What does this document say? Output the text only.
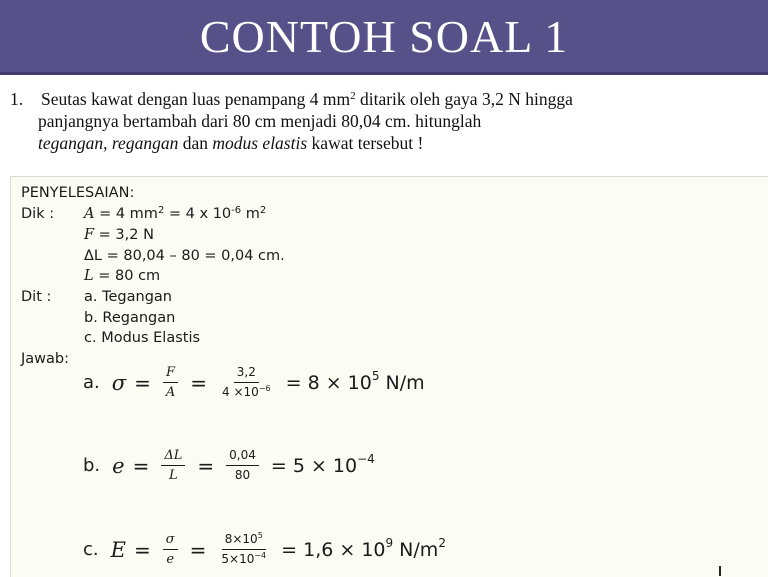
CONTOH SOAL 1
1.	Seutas kawat dengan luas penampang 4 $mm^2$ ditarik oleh gaya 3,2 N hingga
panjangnya bertambah dari 80 cm menjadi 80,04 cm. hitunglah
tegangan, regangan dan modus elastis kawat tersebut !
PENYELESAIAN:
Dik : A = 4 $mm^2 = 4$ x $10^{-6}$ $m^2$
F = 3,2 N
ΔL = 80,04 – 80 = 0,04 cm.
L = 80 cm
Dit : a. Tegangan
b. Regangan
c. Modus Elastis
Jawab:
a. $\sigma = \frac{F}{A} = \frac{3,2}{4 \times 10^{-6}} = 8 \times 10^5$ N/m
b. $e = \frac{\Delta L}{L} = \frac{0,04}{80} = 5 \times 10^{-4}$
c. $E = \frac{\sigma}{e} = \frac{8\times 10^5}{5\times 10^{-4}} = 1,6 \times 10^9$ $N/m^2$
